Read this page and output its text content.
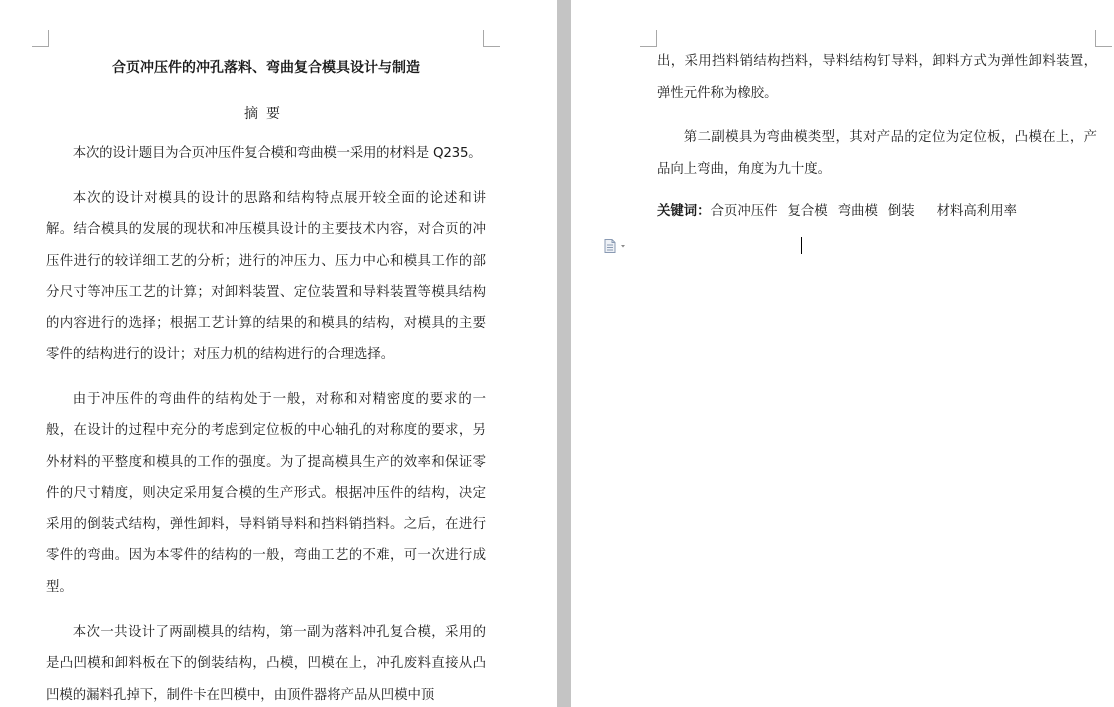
合页冲压件的冲孔落料、弯曲复合模具设计与制造
摘要

本次的设计题目为合页冲压件复合模和弯曲模一采用的材料是 Q235。

本次的设计对模具的设计的思路和结构特点展开较全面的论述和讲解。结合模具的发展的现状和冲压模具设计的主要技术内容，对合页的冲压件进行的较详细工艺的分析；进行的冲压力、压力中心和模具工作的部分尺寸等冲压工艺的计算；对卸料装置、定位装置和导料装置等模具结构的内容进行的选择；根据工艺计算的结果的和模具的结构，对模具的主要零件的结构进行的设计；对压力机的结构进行的合理选择。

由于冲压件的弯曲件的结构处于一般，对称和对精密度的要求的一般，在设计的过程中充分的考虑到定位板的中心轴孔的对称度的要求，另外材料的平整度和模具的工作的强度。为了提高模具生产的效率和保证零件的尺寸精度，则决定采用复合模的生产形式。根据冲压件的结构，决定采用的倒装式结构，弹性卸料，导料销导料和挡料销挡料。之后，在进行零件的弯曲。因为本零件的结构的一般，弯曲工艺的不难，可一次进行成型。

本次一共设计了两副模具的结构，第一副为落料冲孔复合模，采用的是凸凹模和卸料板在下的倒装结构，凸模，凹模在上，冲孔废料直接从凸凹模的漏料孔掉下，制件卡在凹模中，由顶件器将产品从凹模中顶

出，采用挡料销结构挡料，导料结构钉导料，卸料方式为弹性卸料装置，弹性元件称为橡胶。

第二副模具为弯曲模类型，其对产品的定位为定位板，凸模在上，产品向上弯曲，角度为九十度。

关键词：合页冲压件 复合模 弯曲模 倒装 材料高利用率
